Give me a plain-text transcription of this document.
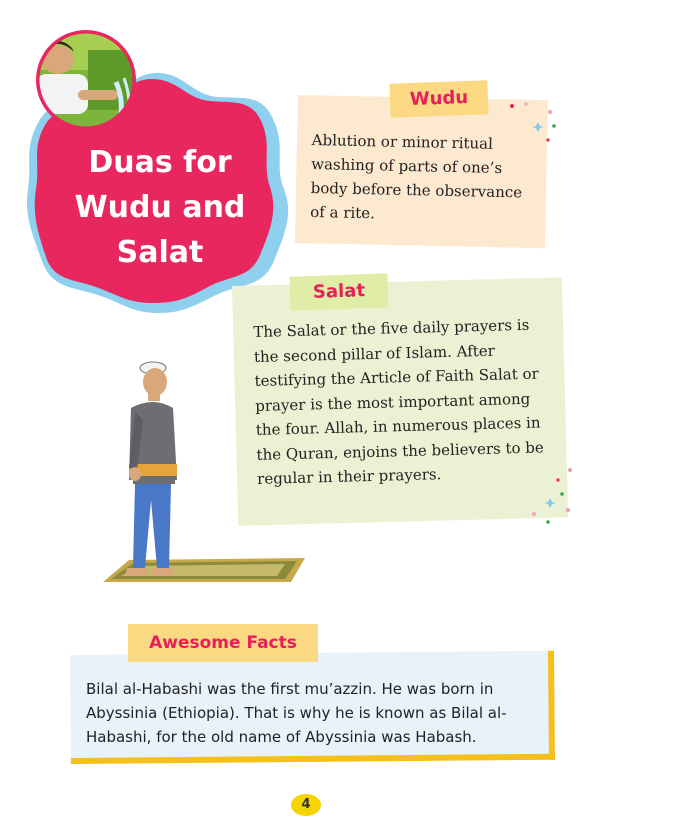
Duas for Wudu and Salat
Wudu
Ablution or minor ritual washing of parts of one’s body before the observance of a rite.
Salat
The Salat or the five daily prayers is the second pillar of Islam. After testifying the Article of Faith Salat or prayer is the most important among the four. Allah, in numerous places in the Quran, enjoins the believers to be regular in their prayers.
Awesome Facts
Bilal al-Habashi was the first mu’azzin. He was born in Abyssinia (Ethiopia). That is why he is known as Bilal al-Habashi, for the old name of Abyssinia was Habash.
4
